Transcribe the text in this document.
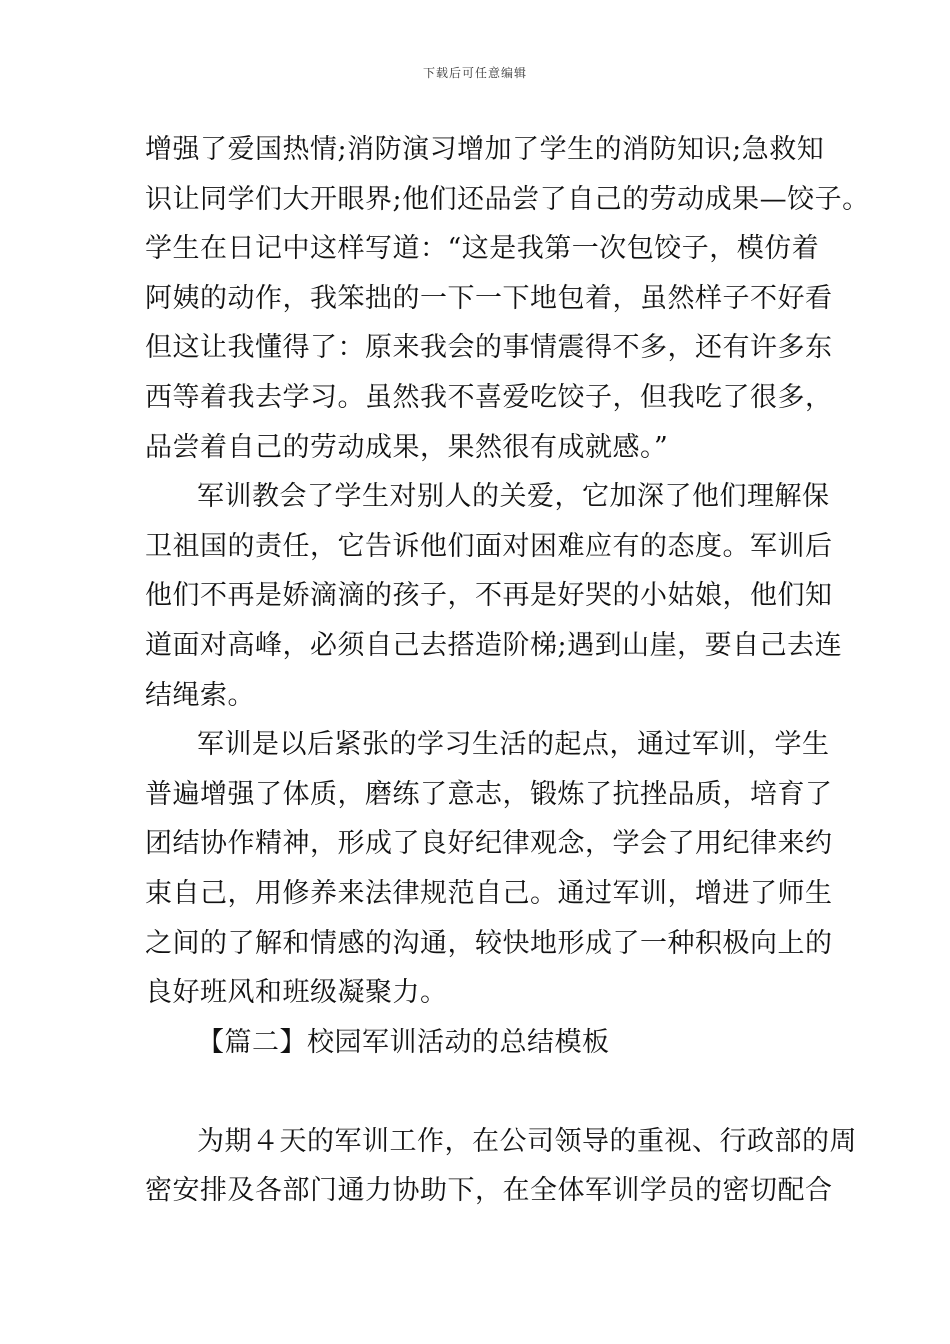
下载后可任意编辑
增强了爱国热情;消防演习增加了学生的消防知识;急救知
识让同学们大开眼界;他们还品尝了自己的劳动成果—饺子。
学生在日记中这样写道：“这是我第一次包饺子，模仿着
阿姨的动作，我笨拙的一下一下地包着，虽然样子不好看
但这让我懂得了：原来我会的事情震得不多，还有许多东
西等着我去学习。虽然我不喜爱吃饺子，但我吃了很多，
品尝着自己的劳动成果，果然很有成就感。”
军训教会了学生对别人的关爱，它加深了他们理解保
卫祖国的责任，它告诉他们面对困难应有的态度。军训后
他们不再是娇滴滴的孩子，不再是好哭的小姑娘，他们知
道面对高峰，必须自己去搭造阶梯;遇到山崖，要自己去连
结绳索。
军训是以后紧张的学习生活的起点，通过军训，学生
普遍增强了体质，磨练了意志，锻炼了抗挫品质，培育了
团结协作精神，形成了良好纪律观念，学会了用纪律来约
束自己，用修养来法律规范自己。通过军训，增进了师生
之间的了解和情感的沟通，较快地形成了一种积极向上的
良好班风和班级凝聚力。
【篇二】校园军训活动的总结模板
为期４天的军训工作，在公司领导的重视、行政部的周
密安排及各部门通力协助下，在全体军训学员的密切配合
